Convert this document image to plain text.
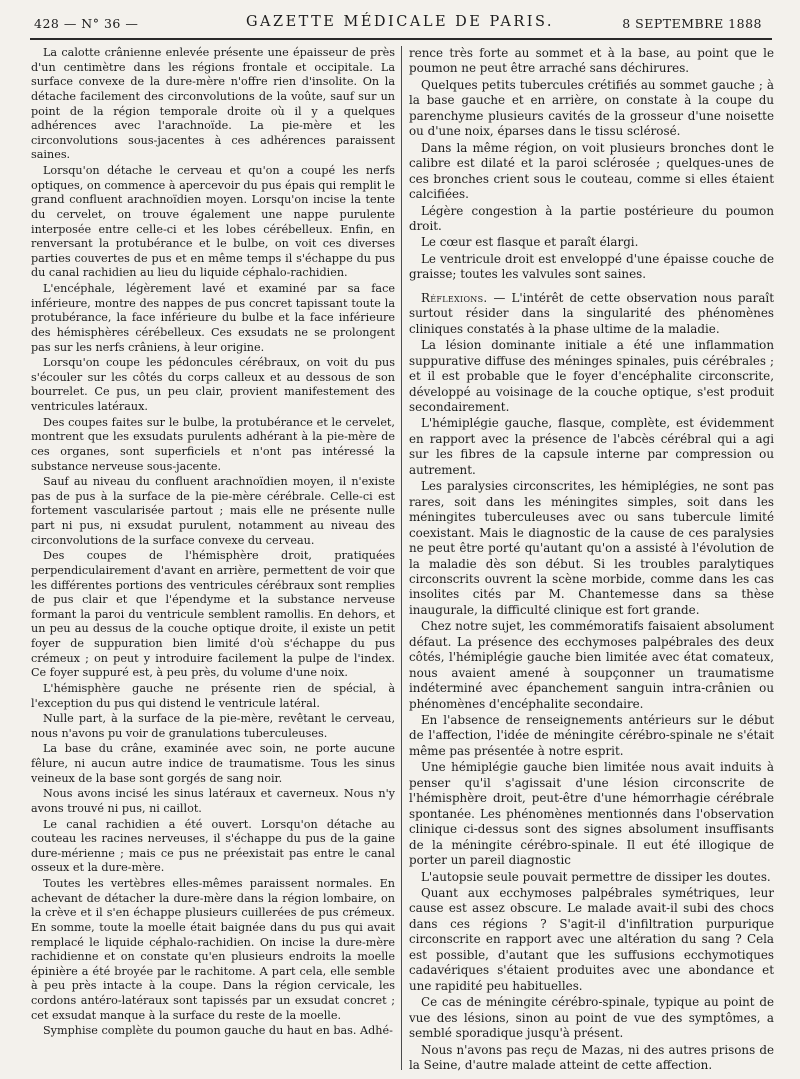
428 — N° 36 —	GAZETTE MÉDICALE DE PARIS.	8 SEPTEMBRE 1888

La calotte crânienne enlevée présente une épaisseur de près d'un centimètre dans les régions frontale et occipitale. La surface convexe de la dure-mère n'offre rien d'insolite. On la détache facilement des circonvolutions de la voûte, sauf sur un point de la région temporale droite où il y a quelques adhérences avec l'arachnoïde. La pie-mère et les circonvolutions sous-jacentes à ces adhérences paraissent saines.

Lorsqu'on détache le cerveau et qu'on a coupé les nerfs optiques, on commence à apercevoir du pus épais qui remplit le grand confluent arachnoïdien moyen. Lorsqu'on incise la tente du cervelet, on trouve également une nappe purulente interposée entre celle-ci et les lobes cérébelleux. Enfin, en renversant la protubérance et le bulbe, on voit ces diverses parties couvertes de pus et en même temps il s'échappe du pus du canal rachidien au lieu du liquide céphalo-rachidien.

L'encéphale, légèrement lavé et examiné par sa face inférieure, montre des nappes de pus concret tapissant toute la protubérance, la face inférieure du bulbe et la face inférieure des hémisphères cérébelleux. Ces exsudats ne se prolongent pas sur les nerfs crâniens, à leur origine.

Lorsqu'on coupe les pédoncules cérébraux, on voit du pus s'écouler sur les côtés du corps calleux et au dessous de son bourrelet. Ce pus, un peu clair, provient manifestement des ventricules latéraux.

Des coupes faites sur le bulbe, la protubérance et le cervelet, montrent que les exsudats purulents adhérant à la pie-mère de ces organes, sont superficiels et n'ont pas intéressé la substance nerveuse sous-jacente.

Sauf au niveau du confluent arachnoïdien moyen, il n'existe pas de pus à la surface de la pie-mère cérébrale. Celle-ci est fortement vascularisée partout ; mais elle ne présente nulle part ni pus, ni exsudat purulent, notamment au niveau des circonvolutions de la surface convexe du cerveau.

Des coupes de l'hémisphère droit, pratiquées perpendiculairement d'avant en arrière, permettent de voir que les différentes portions des ventricules cérébraux sont remplies de pus clair et que l'épendyme et la substance nerveuse formant la paroi du ventricule semblent ramollis. En dehors, et un peu au dessus de la couche optique droite, il existe un petit foyer de suppuration bien limité d'où s'échappe du pus crémeux ; on peut y introduire facilement la pulpe de l'index. Ce foyer suppuré est, à peu près, du volume d'une noix.

L'hémisphère gauche ne présente rien de spécial, à l'exception du pus qui distend le ventricule latéral.

Nulle part, à la surface de la pie-mère, revêtant le cerveau, nous n'avons pu voir de granulations tuberculeuses.

La base du crâne, examinée avec soin, ne porte aucune fêlure, ni aucun autre indice de traumatisme. Tous les sinus veineux de la base sont gorgés de sang noir.

Nous avons incisé les sinus latéraux et caverneux. Nous n'y avons trouvé ni pus, ni caillot.

Le canal rachidien a été ouvert. Lorsqu'on détache au couteau les racines nerveuses, il s'échappe du pus de la gaine dure-mérienne ; mais ce pus ne préexistait pas entre le canal osseux et la dure-mère.

Toutes les vertèbres elles-mêmes paraissent normales. En achevant de détacher la dure-mère dans la région lombaire, on la crève et il s'en échappe plusieurs cuillerées de pus crémeux. En somme, toute la moelle était baignée dans du pus qui avait remplacé le liquide céphalo-rachidien. On incise la dure-mère rachidienne et on constate qu'en plusieurs endroits la moelle épinière a été broyée par le rachitome. A part cela, elle semble à peu près intacte à la coupe. Dans la région cervicale, les cordons antéro-latéraux sont tapissés par un exsudat concret ; cet exsudat manque à la surface du reste de la moelle.

Symphise complète du poumon gauche du haut en bas. Adhé-

rence très forte au sommet et à la base, au point que le poumon ne peut être arraché sans déchirures.

Quelques petits tubercules crétifiés au sommet gauche ; à la base gauche et en arrière, on constate à la coupe du parenchyme plusieurs cavités de la grosseur d'une noisette ou d'une noix, éparses dans le tissu sclérosé.

Dans la même région, on voit plusieurs bronches dont le calibre est dilaté et la paroi sclérosée ; quelques-unes de ces bronches crient sous le couteau, comme si elles étaient calcifiées.

Légère congestion à la partie postérieure du poumon droit.

Le cœur est flasque et paraît élargi.

Le ventricule droit est enveloppé d'une épaisse couche de graisse; toutes les valvules sont saines.

Réflexions. — L'intérêt de cette observation nous paraît surtout résider dans la singularité des phénomènes cliniques constatés à la phase ultime de la maladie.

La lésion dominante initiale a été une inflammation suppurative diffuse des méninges spinales, puis cérébrales ; et il est probable que le foyer d'encéphalite circonscrite, développé au voisinage de la couche optique, s'est produit secondairement.

L'hémiplégie gauche, flasque, complète, est évidemment en rapport avec la présence de l'abcès cérébral qui a agi sur les fibres de la capsule interne par compression ou autrement.

Les paralysies circonscrites, les hémiplégies, ne sont pas rares, soit dans les méningites simples, soit dans les méningites tuberculeuses avec ou sans tubercule limité coexistant. Mais le diagnostic de la cause de ces paralysies ne peut être porté qu'autant qu'on a assisté à l'évolution de la maladie dès son début. Si les troubles paralytiques circonscrits ouvrent la scène morbide, comme dans les cas insolites cités par M. Chantemesse dans sa thèse inaugurale, la difficulté clinique est fort grande.

Chez notre sujet, les commémoratifs faisaient absolument défaut. La présence des ecchymoses palpébrales des deux côtés, l'hémiplégie gauche bien limitée avec état comateux, nous avaient amené à soupçonner un traumatisme indéterminé avec épanchement sanguin intra-crânien ou phénomènes d'encéphalite secondaire.

En l'absence de renseignements antérieurs sur le début de l'affection, l'idée de méningite cérébro-spinale ne s'était même pas présentée à notre esprit.

Une hémiplégie gauche bien limitée nous avait induits à penser qu'il s'agissait d'une lésion circonscrite de l'hémisphère droit, peut-être d'une hémorrhagie cérébrale spontanée. Les phénomènes mentionnés dans l'observation clinique ci-dessus sont des signes absolument insuffisants de la méningite cérébro-spinale. Il eut été illogique de porter un pareil diagnostic

L'autopsie seule pouvait permettre de dissiper les doutes.

Quant aux ecchymoses palpébrales symétriques, leur cause est assez obscure. Le malade avait-il subi des chocs dans ces régions ? S'agit-il d'infiltration purpurique circonscrite en rapport avec une altération du sang ? Cela est possible, d'autant que les suffusions ecchymotiques cadavériques s'étaient produites avec une abondance et une rapidité peu habituelles.

Ce cas de méningite cérébro-spinale, typique au point de vue des lésions, sinon au point de vue des symptômes, a semblé sporadique jusqu'à présent.

Nous n'avons pas reçu de Mazas, ni des autres prisons de la Seine, d'autre malade atteint de cette affection.
